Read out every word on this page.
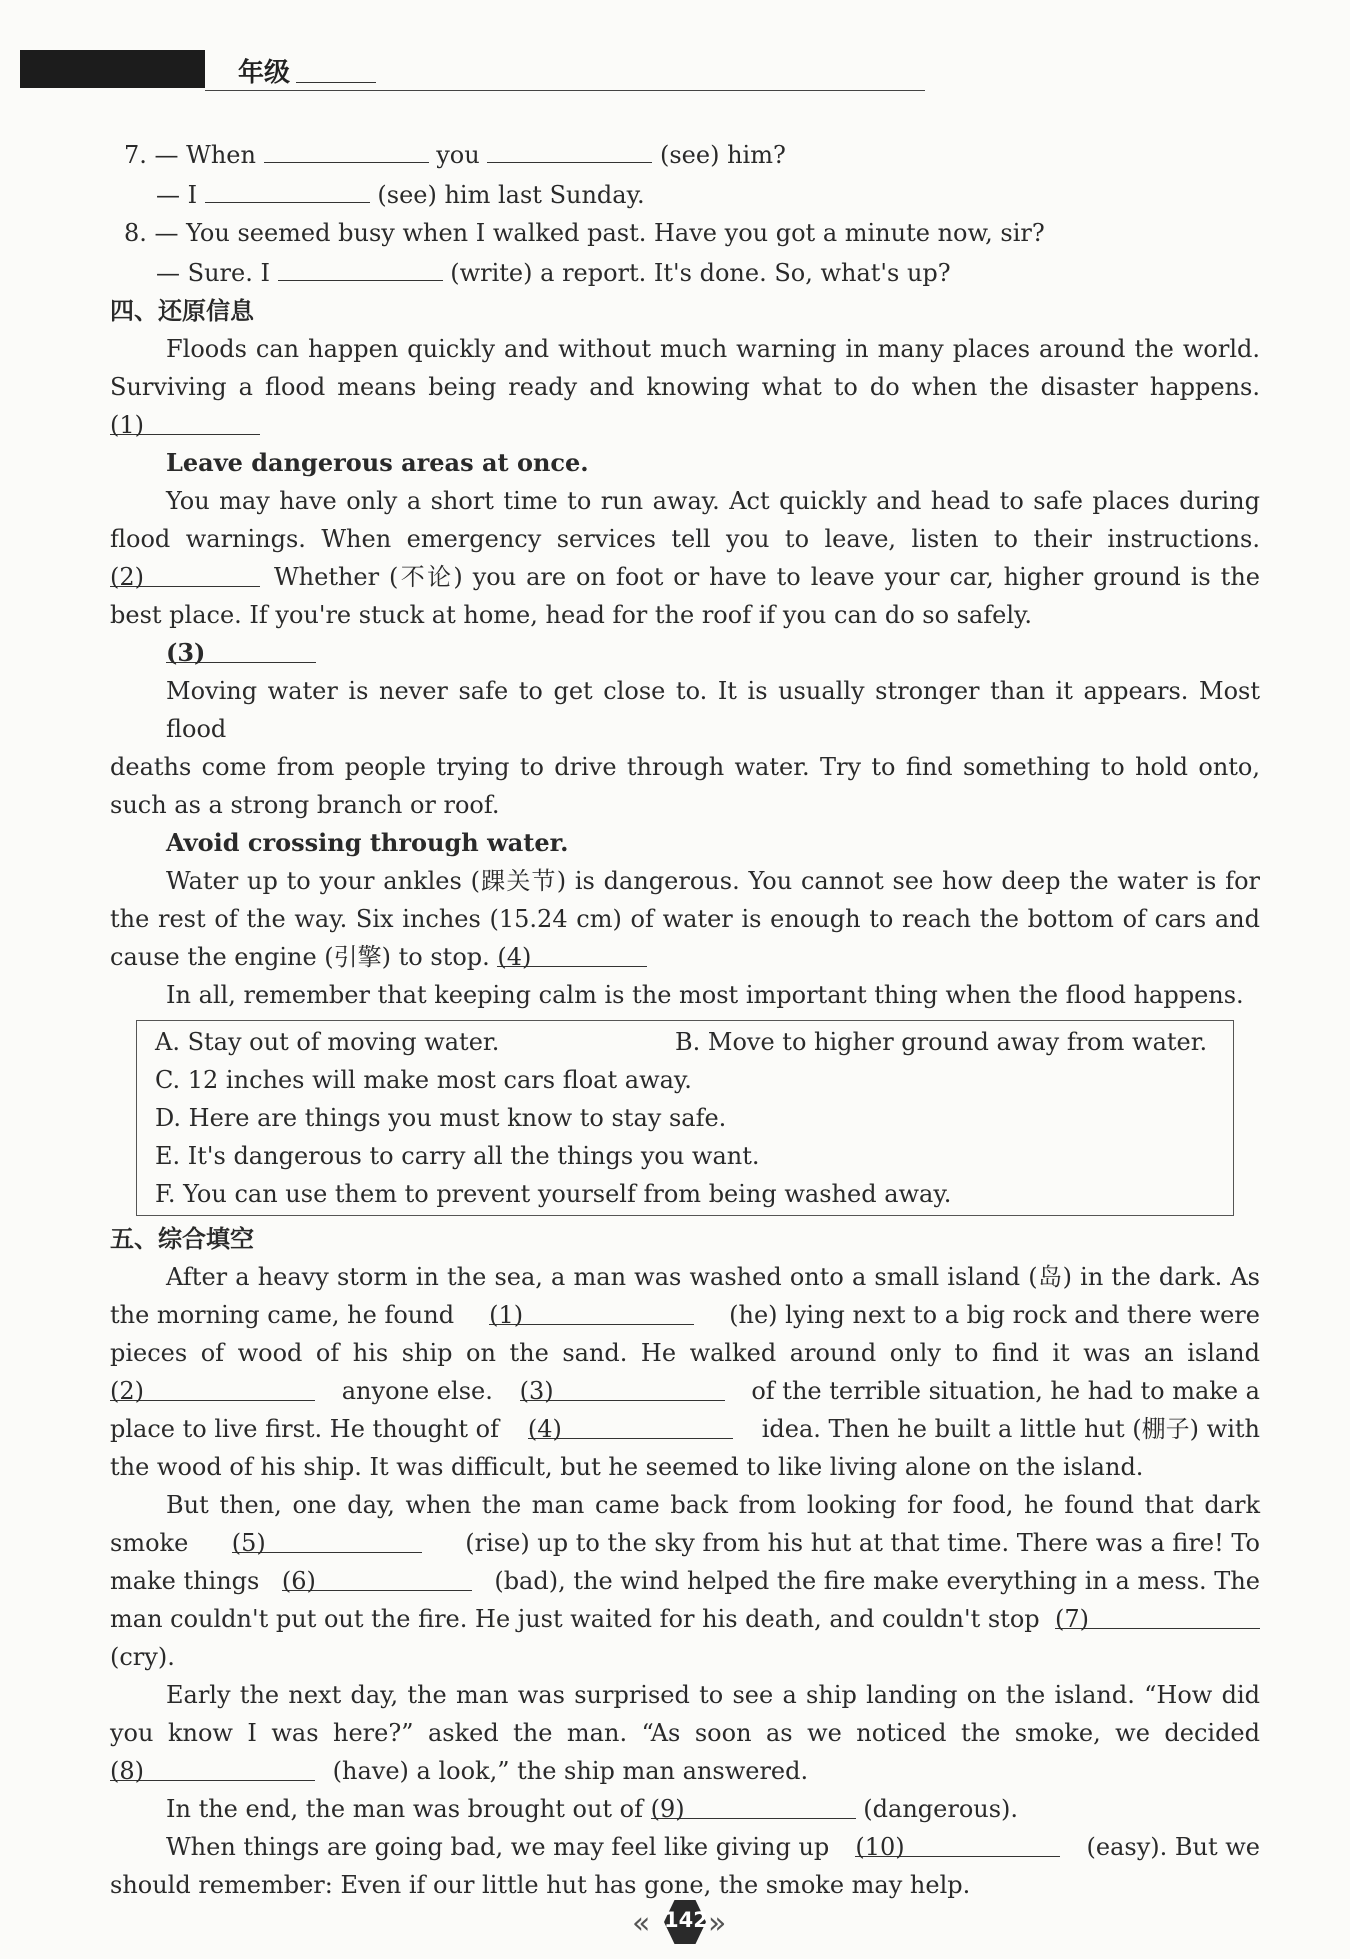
年级
7. — When	you	(see) him?
— I	(see) him last Sunday.
8. — You seemed busy when I walked past. Have you got a minute now, sir?
— Sure. I	(write) a report. It's done. So, what's up?
四、还原信息
Floods can happen quickly and without much warning in many places around the world.
Surviving a flood means being ready and knowing what to do when the disaster happens.
(1)
Leave dangerous areas at once.
You may have only a short time to run away. Act quickly and head to safe places during
flood warnings. When emergency services tell you to leave, listen to their instructions.
(2)	Whether (不论) you are on foot or have to leave your car, higher ground is the
best place. If you're stuck at home, head for the roof if you can do so safely.
(3)
Moving water is never safe to get close to. It is usually stronger than it appears. Most flood
deaths come from people trying to drive through water. Try to find something to hold onto,
such as a strong branch or roof.
Avoid crossing through water.
Water up to your ankles (踝关节) is dangerous. You cannot see how deep the water is for
the rest of the way. Six inches (15.24 cm) of water is enough to reach the bottom of cars and
cause the engine (引擎) to stop. (4)
In all, remember that keeping calm is the most important thing when the flood happens.
A. Stay out of moving water.	B. Move to higher ground away from water.
C. 12 inches will make most cars float away.
D. Here are things you must know to stay safe.
E. It's dangerous to carry all the things you want.
F. You can use them to prevent yourself from being washed away.
五、综合填空
After a heavy storm in the sea, a man was washed onto a small island (岛) in the dark. As
the morning came, he found (1)	(he) lying next to a big rock and there were
pieces of wood of his ship on the sand. He walked around only to find it was an island
(2)	anyone else. (3)	of the terrible situation, he had to make a
place to live first. He thought of (4)	idea. Then he built a little hut (棚子) with
the wood of his ship. It was difficult, but he seemed to like living alone on the island.
But then, one day, when the man came back from looking for food, he found that dark
smoke (5)	(rise) up to the sky from his hut at that time. There was a fire! To
make things (6)	(bad), the wind helped the fire make everything in a mess. The
man couldn't put out the fire. He just waited for his death, and couldn't stop (7)
(cry).
Early the next day, the man was surprised to see a ship landing on the island. “How did
you know I was here?” asked the man. “As soon as we noticed the smoke, we decided
(8)	(have) a look,” the ship man answered.
In the end, the man was brought out of (9)	(dangerous).
When things are going bad, we may feel like giving up (10)	(easy). But we
should remember: Even if our little hut has gone, the smoke may help.
« 142 »
